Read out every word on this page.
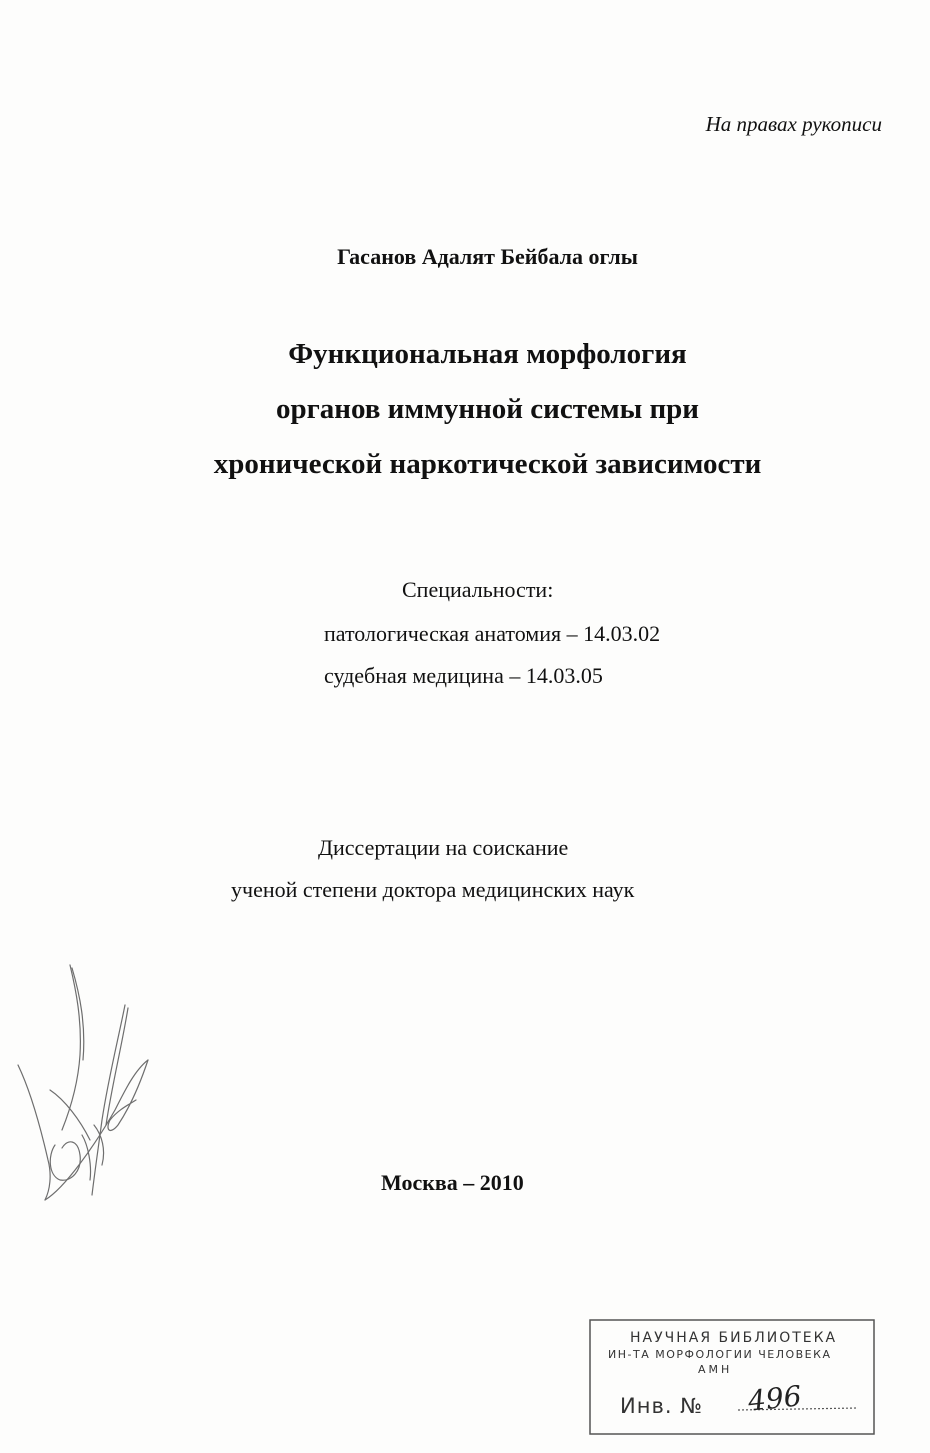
На правах рукописи
Гасанов Адалят Бейбала оглы
Функциональная морфология
органов иммунной системы при
хронической наркотической зависимости
Специальности:
патологическая анатомия – 14.03.02
судебная медицина – 14.03.05
Диссертации на соискание
ученой степени доктора медицинских наук
Москва – 2010
НАУЧНАЯ БИБЛИОТЕКА
ИН-ТА МОРФОЛОГИИ ЧЕЛОВЕКА
АМН
Инв. № 496
